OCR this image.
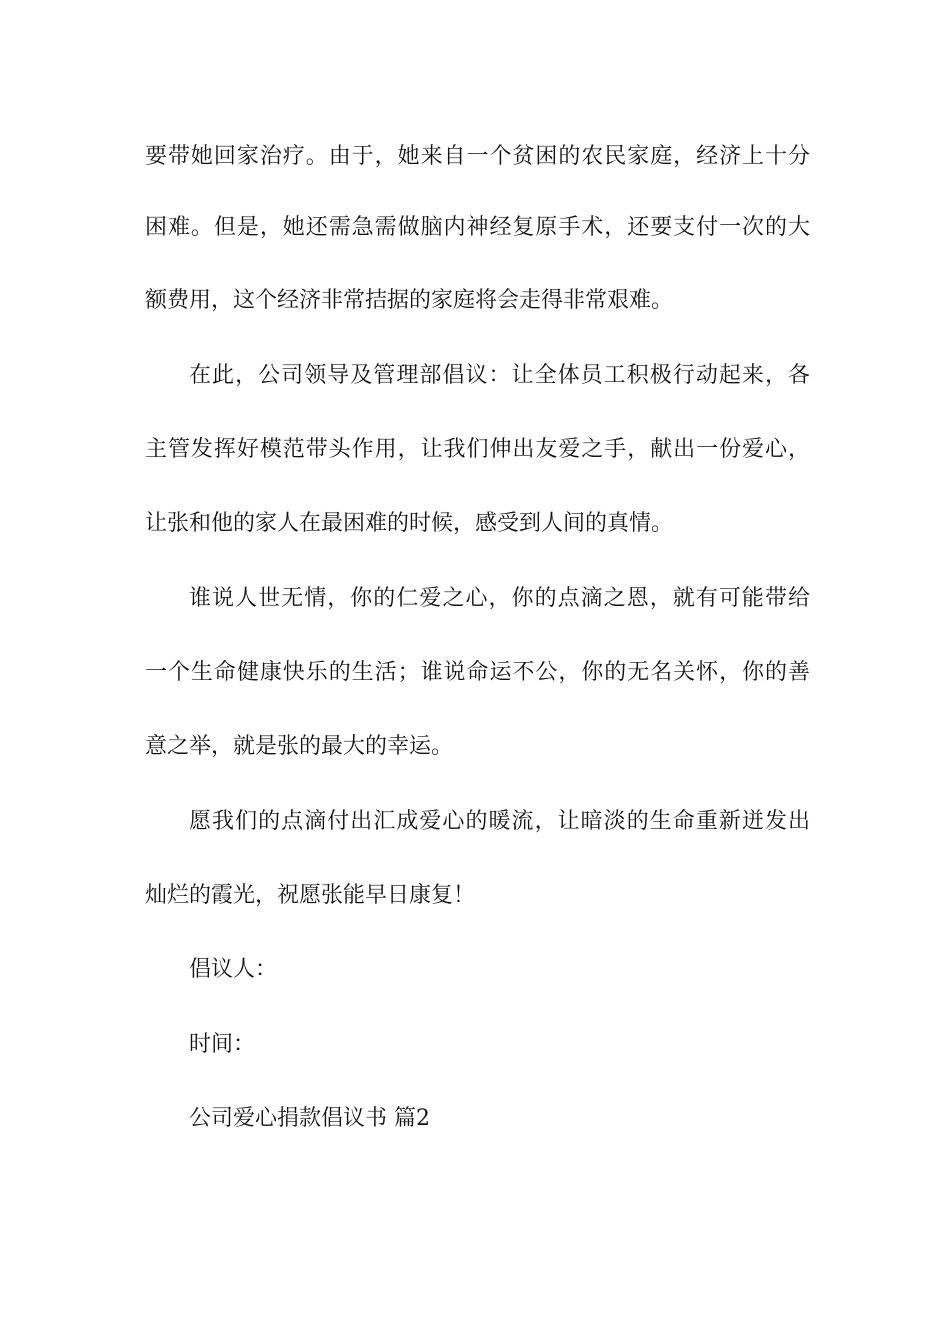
要带她回家治疗。由于，她来自一个贫困的农民家庭，经济上十分
困难。但是，她还需急需做脑内神经复原手术，还要支付一次的大
额费用，这个经济非常拮据的家庭将会走得非常艰难。
在此，公司领导及管理部倡议：让全体员工积极行动起来，各
主管发挥好模范带头作用，让我们伸出友爱之手，献出一份爱心，
让张和他的家人在最困难的时候，感受到人间的真情。
谁说人世无情，你的仁爱之心，你的点滴之恩，就有可能带给
一个生命健康快乐的生活；谁说命运不公，你的无名关怀，你的善
意之举，就是张的最大的幸运。
愿我们的点滴付出汇成爱心的暖流，让暗淡的生命重新迸发出
灿烂的霞光，祝愿张能早日康复！
倡议人：
时间：
公司爱心捐款倡议书 篇2
